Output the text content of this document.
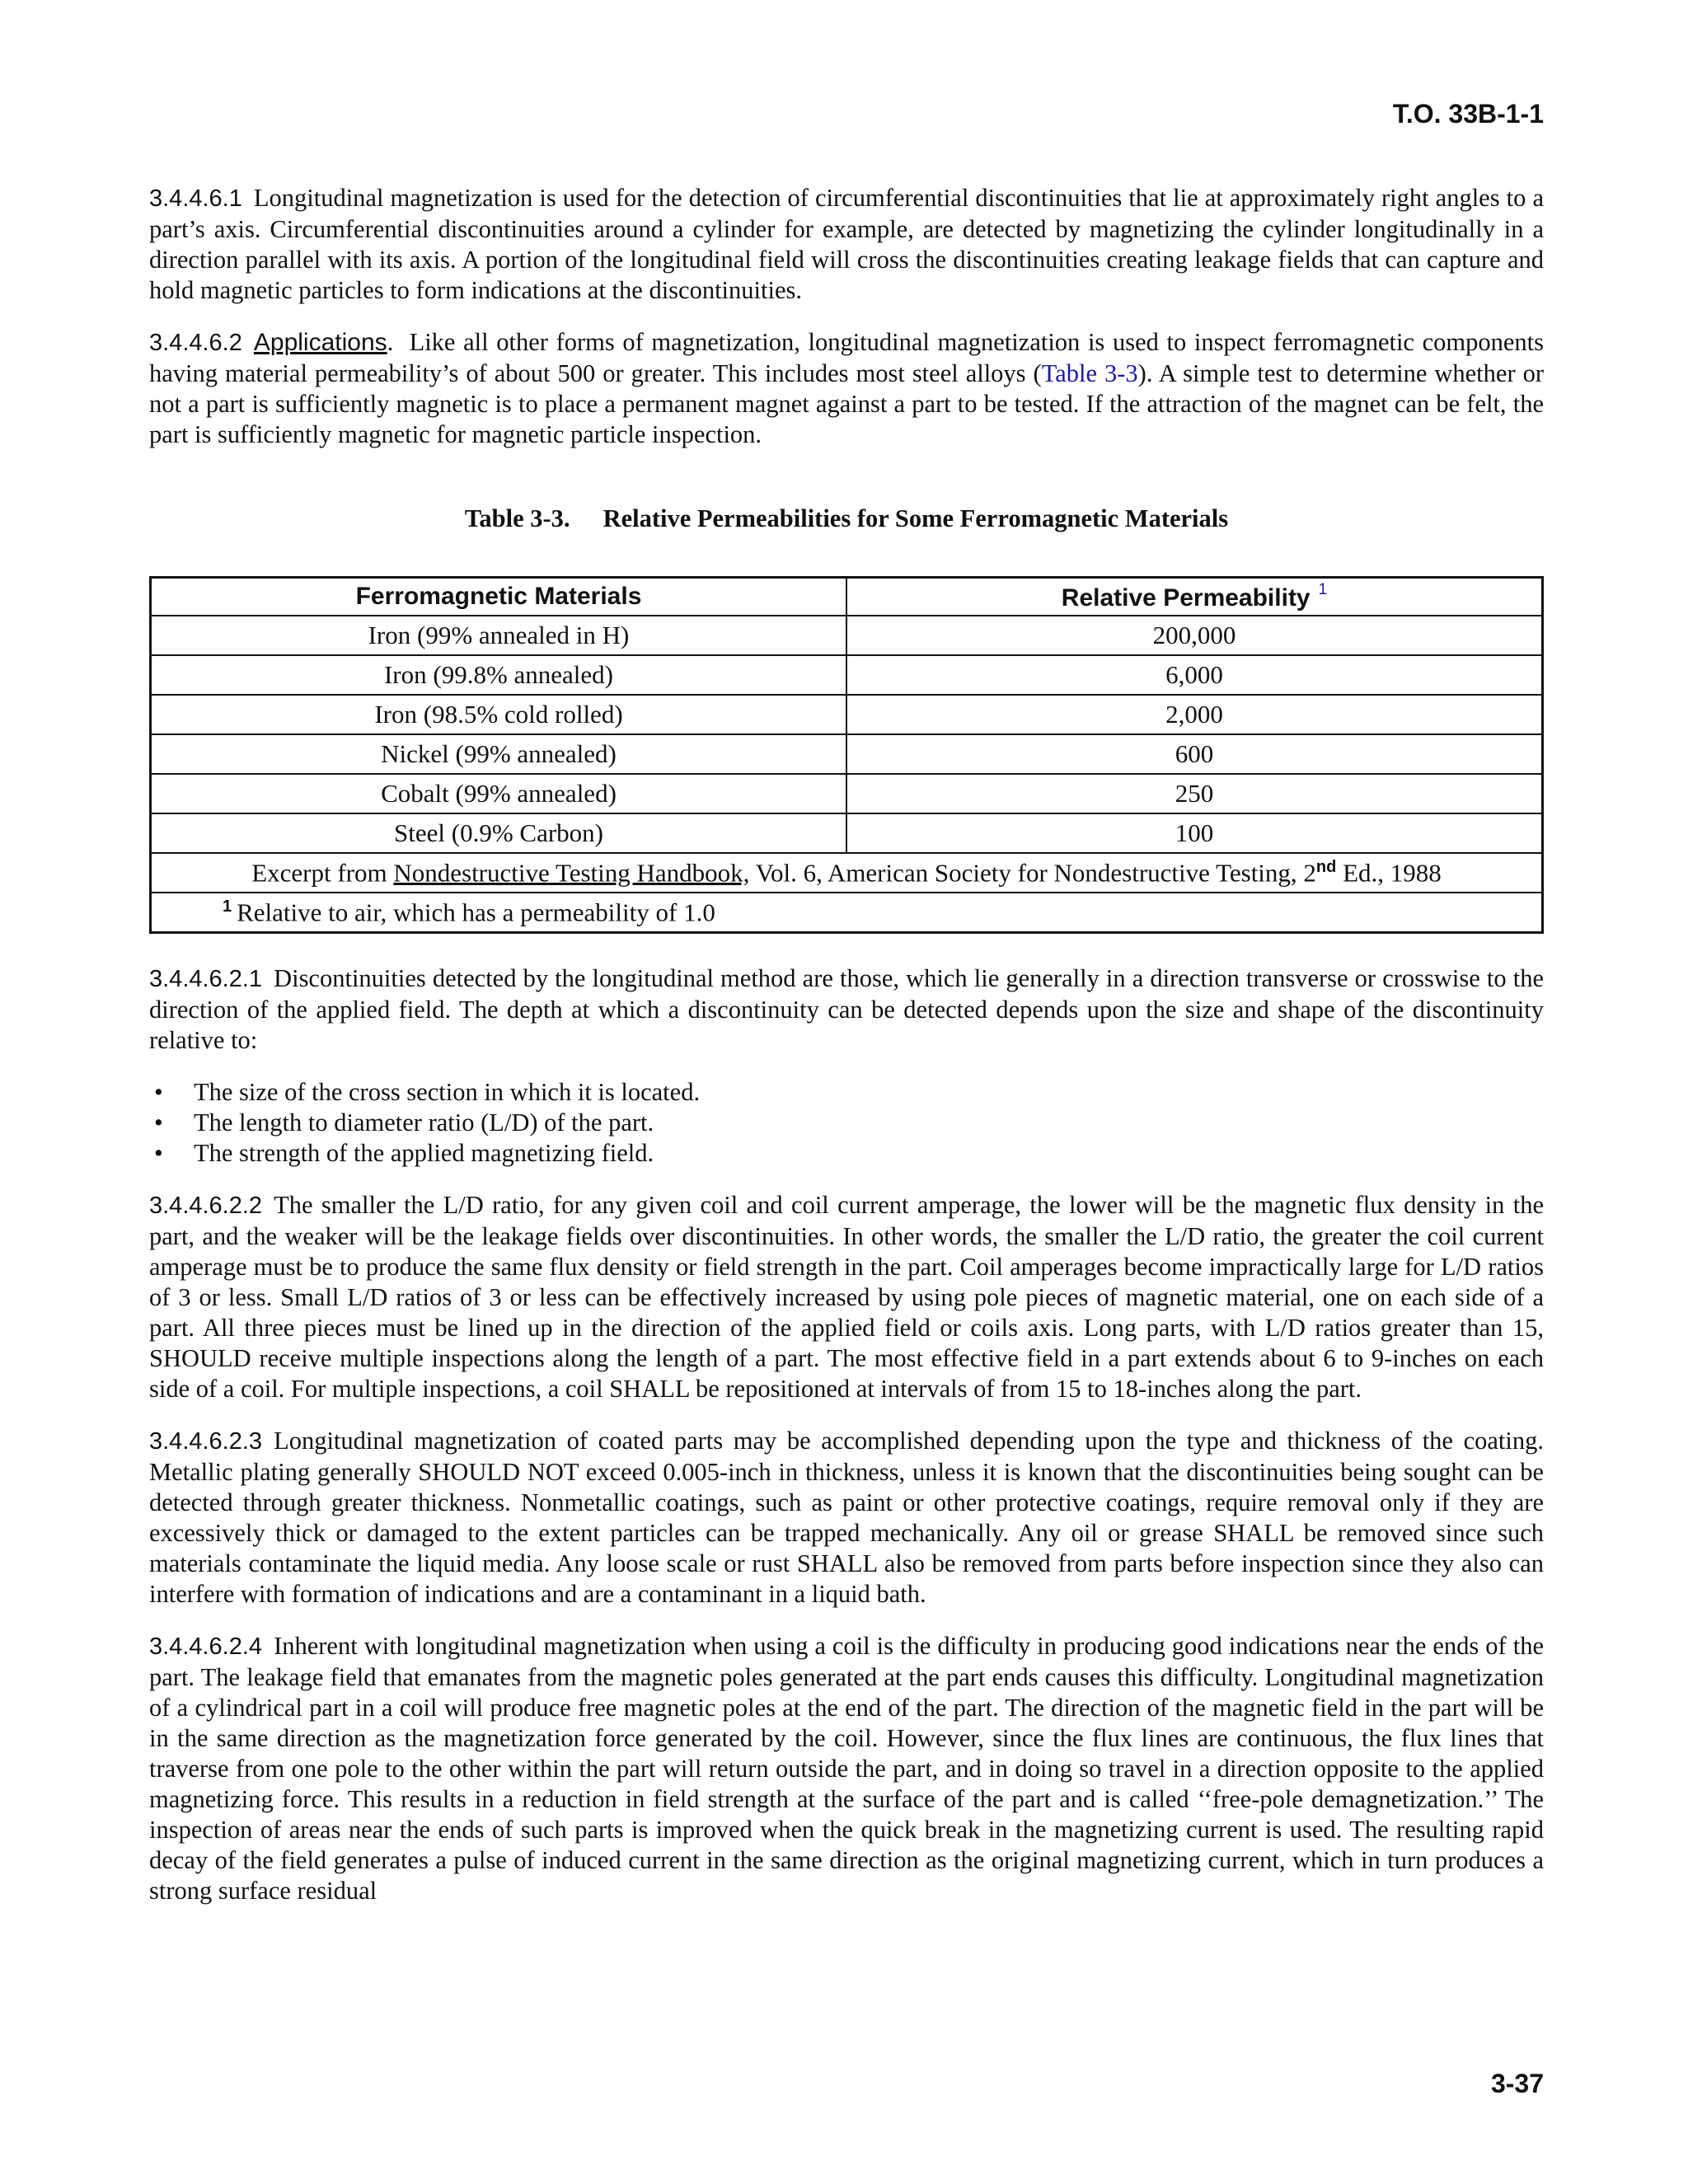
T.O. 33B-1-1

3.4.4.6.1 Longitudinal magnetization is used for the detection of circumferential discontinuities that lie at approximately right angles to a part’s axis. Circumferential discontinuities around a cylinder for example, are detected by magnetizing the cylinder longitudinally in a direction parallel with its axis. A portion of the longitudinal field will cross the discontinuities creating leakage fields that can capture and hold magnetic particles to form indications at the discontinuities.

3.4.4.6.2 Applications. Like all other forms of magnetization, longitudinal magnetization is used to inspect ferromagnetic components having material permeability’s of about 500 or greater. This includes most steel alloys (Table 3-3). A simple test to determine whether or not a part is sufficiently magnetic is to place a permanent magnet against a part to be tested. If the attraction of the magnet can be felt, the part is sufficiently magnetic for magnetic particle inspection.

Table 3-3. Relative Permeabilities for Some Ferromagnetic Materials
Ferromagnetic Materials	Relative Permeability $^1$
Iron (99% annealed in H)	200,000
Iron (99.8% annealed)	6,000
Iron (98.5% cold rolled)	2,000
Nickel (99% annealed)	600
Cobalt (99% annealed)	250
Steel (0.9% Carbon)	100
Excerpt from Nondestructive Testing Handbook, Vol. 6, American Society for Nondestructive Testing, 2nd Ed., 1988	
$^1$ Relative to air, which has a permeability of 1.0	

3.4.4.6.2.1 Discontinuities detected by the longitudinal method are those, which lie generally in a direction transverse or crosswise to the direction of the applied field. The depth at which a discontinuity can be detected depends upon the size and shape of the discontinuity relative to:

• The size of the cross section in which it is located.
• The length to diameter ratio (L/D) of the part.
• The strength of the applied magnetizing field.

3.4.4.6.2.2 The smaller the L/D ratio, for any given coil and coil current amperage, the lower will be the magnetic flux density in the part, and the weaker will be the leakage fields over discontinuities. In other words, the smaller the L/D ratio, the greater the coil current amperage must be to produce the same flux density or field strength in the part. Coil amperages become impractically large for L/D ratios of 3 or less. Small L/D ratios of 3 or less can be effectively increased by using pole pieces of magnetic material, one on each side of a part. All three pieces must be lined up in the direction of the applied field or coils axis. Long parts, with L/D ratios greater than 15, SHOULD receive multiple inspections along the length of a part. The most effective field in a part extends about 6 to 9-inches on each side of a coil. For multiple inspections, a coil SHALL be repositioned at intervals of from 15 to 18-inches along the part.

3.4.4.6.2.3 Longitudinal magnetization of coated parts may be accomplished depending upon the type and thickness of the coating. Metallic plating generally SHOULD NOT exceed 0.005-inch in thickness, unless it is known that the discontinuities being sought can be detected through greater thickness. Nonmetallic coatings, such as paint or other protective coatings, require removal only if they are excessively thick or damaged to the extent particles can be trapped mechanically. Any oil or grease SHALL be removed since such materials contaminate the liquid media. Any loose scale or rust SHALL also be removed from parts before inspection since they also can interfere with formation of indications and are a contaminant in a liquid bath.

3.4.4.6.2.4 Inherent with longitudinal magnetization when using a coil is the difficulty in producing good indications near the ends of the part. The leakage field that emanates from the magnetic poles generated at the part ends causes this difficulty. Longitudinal magnetization of a cylindrical part in a coil will produce free magnetic poles at the end of the part. The direction of the magnetic field in the part will be in the same direction as the magnetization force generated by the coil. However, since the flux lines are continuous, the flux lines that traverse from one pole to the other within the part will return outside the part, and in doing so travel in a direction opposite to the applied magnetizing force. This results in a reduction in field strength at the surface of the part and is called ‘‘free-pole demagnetization.’’ The inspection of areas near the ends of such parts is improved when the quick break in the magnetizing current is used. The resulting rapid decay of the field generates a pulse of induced current in the same direction as the original magnetizing current, which in turn produces a strong surface residual

3-37
